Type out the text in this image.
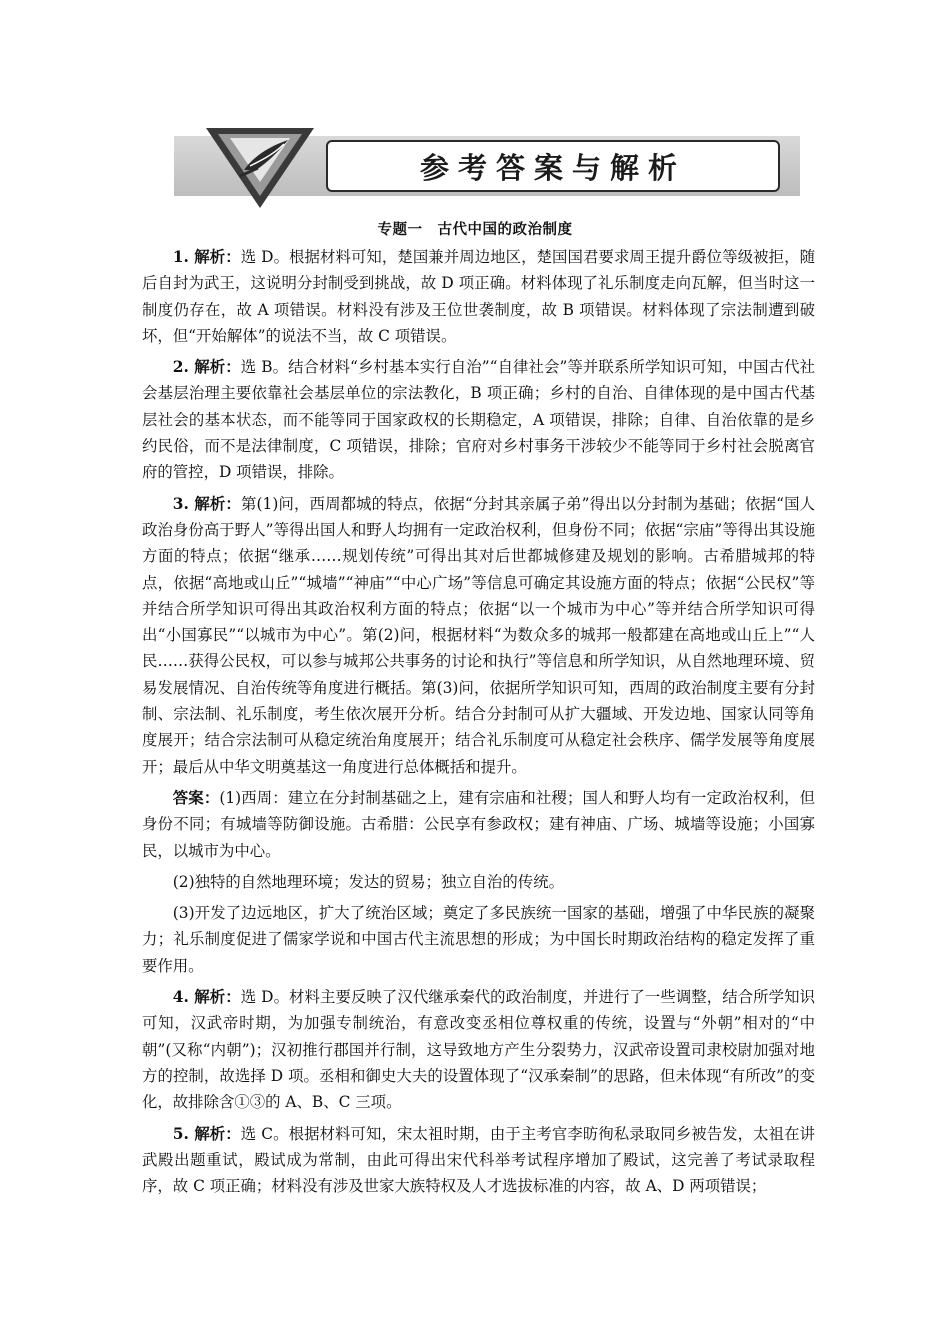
参考答案与解析
专题一　古代中国的政治制度

1. 解析：选 D。根据材料可知，楚国兼并周边地区，楚国国君要求周王提升爵位等级被拒，随后自封为武王，这说明分封制受到挑战，故 D 项正确。材料体现了礼乐制度走向瓦解，但当时这一制度仍存在，故 A 项错误。材料没有涉及王位世袭制度，故 B 项错误。材料体现了宗法制遭到破坏，但“开始解体”的说法不当，故 C 项错误。

2. 解析：选 B。结合材料“乡村基本实行自治”“自律社会”等并联系所学知识可知，中国古代社会基层治理主要依靠社会基层单位的宗法教化，B 项正确；乡村的自治、自律体现的是中国古代基层社会的基本状态，而不能等同于国家政权的长期稳定，A 项错误，排除；自律、自治依靠的是乡约民俗，而不是法律制度，C 项错误，排除；官府对乡村事务干涉较少不能等同于乡村社会脱离官府的管控，D 项错误，排除。

3. 解析：第(1)问，西周都城的特点，依据“分封其亲属子弟”得出以分封制为基础；依据“国人政治身份高于野人”等得出国人和野人均拥有一定政治权利，但身份不同；依据“宗庙”等得出其设施方面的特点；依据“继承……规划传统”可得出其对后世都城修建及规划的影响。古希腊城邦的特点，依据“高地或山丘”“城墙”“神庙”“中心广场”等信息可确定其设施方面的特点；依据“公民权”等并结合所学知识可得出其政治权利方面的特点；依据“以一个城市为中心”等并结合所学知识可得出“小国寡民”“以城市为中心”。第(2)问，根据材料“为数众多的城邦一般都建在高地或山丘上”“人民……获得公民权，可以参与城邦公共事务的讨论和执行”等信息和所学知识，从自然地理环境、贸易发展情况、自治传统等角度进行概括。第(3)问，依据所学知识可知，西周的政治制度主要有分封制、宗法制、礼乐制度，考生依次展开分析。结合分封制可从扩大疆域、开发边地、国家认同等角度展开；结合宗法制可从稳定统治角度展开；结合礼乐制度可从稳定社会秩序、儒学发展等角度展开；最后从中华文明奠基这一角度进行总体概括和提升。

答案：(1)西周：建立在分封制基础之上，建有宗庙和社稷；国人和野人均有一定政治权利，但身份不同；有城墙等防御设施。古希腊：公民享有参政权；建有神庙、广场、城墙等设施；小国寡民，以城市为中心。

(2)独特的自然地理环境；发达的贸易；独立自治的传统。

(3)开发了边远地区，扩大了统治区域；奠定了多民族统一国家的基础，增强了中华民族的凝聚力；礼乐制度促进了儒家学说和中国古代主流思想的形成；为中国长时期政治结构的稳定发挥了重要作用。

4. 解析：选 D。材料主要反映了汉代继承秦代的政治制度，并进行了一些调整，结合所学知识可知，汉武帝时期，为加强专制统治，有意改变丞相位尊权重的传统，设置与“外朝”相对的“中朝”(又称“内朝”)；汉初推行郡国并行制，这导致地方产生分裂势力，汉武帝设置司隶校尉加强对地方的控制，故选择 D 项。丞相和御史大夫的设置体现了“汉承秦制”的思路，但未体现“有所改”的变化，故排除含①③的 A、B、C 三项。

5. 解析：选 C。根据材料可知，宋太祖时期，由于主考官李昉徇私录取同乡被告发，太祖在讲武殿出题重试，殿试成为常制，由此可得出宋代科举考试程序增加了殿试，这完善了考试录取程序，故 C 项正确；材料没有涉及世家大族特权及人才选拔标准的内容，故 A、D 两项错误；
